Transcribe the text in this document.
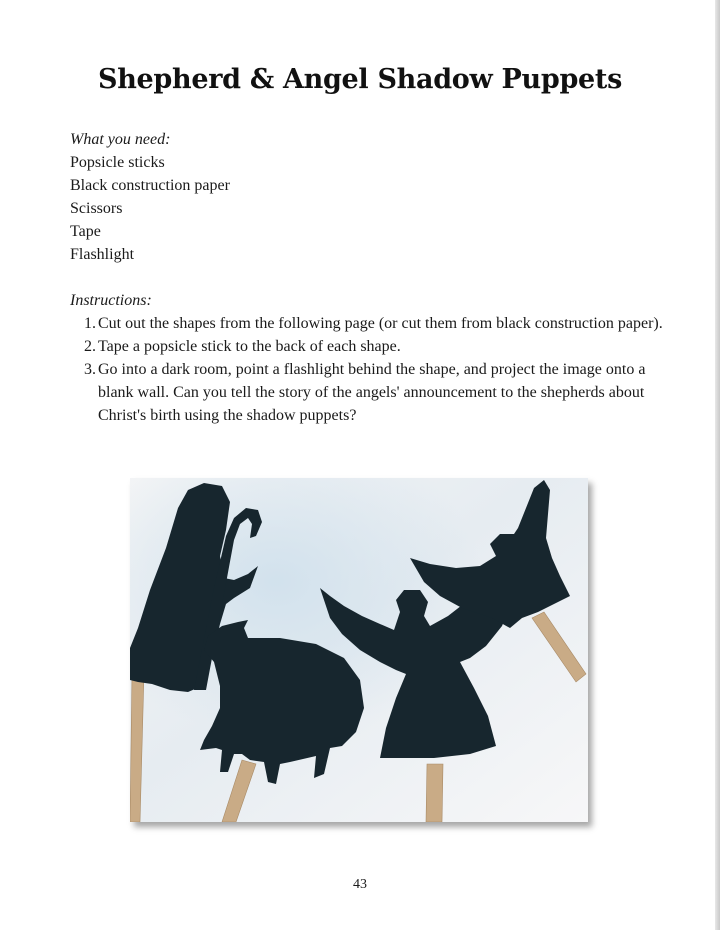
Shepherd & Angel Shadow Puppets
What you need:
Popsicle sticks
Black construction paper
Scissors
Tape
Flashlight
Instructions:
1. Cut out the shapes from the following page (or cut them from black construction paper).
2. Tape a popsicle stick to the back of each shape.
3. Go into a dark room, point a flashlight behind the shape, and project the image onto a blank wall. Can you tell the story of the angels' announcement to the shepherds about Christ's birth using the shadow puppets?
43
